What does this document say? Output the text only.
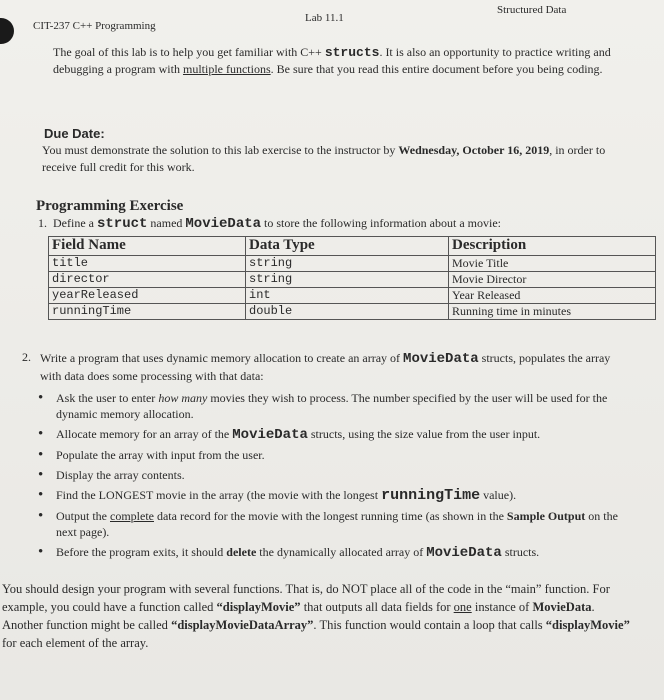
CIT-237 C++ Programming
Lab 11.1
Structured Data
The goal of this lab is to help you get familiar with C++ structs. It is also an opportunity to practice writing and debugging a program with multiple functions. Be sure that you read this entire document before you being coding.
Due Date:
You must demonstrate the solution to this lab exercise to the instructor by Wednesday, October 16, 2019, in order to receive full credit for this work.
Programming Exercise
1. Define a struct named MovieData to store the following information about a movie:
Field Name	Data Type	Description
title	string	Movie Title
director	string	Movie Director
yearReleased	int	Year Released
runningTime	double	Running time in minutes
2. Write a program that uses dynamic memory allocation to create an array of MovieData structs, populates the array with data does some processing with that data:
• Ask the user to enter how many movies they wish to process. The number specified by the user will be used for the dynamic memory allocation.
• Allocate memory for an array of the MovieData structs, using the size value from the user input.
• Populate the array with input from the user.
• Display the array contents.
• Find the LONGEST movie in the array (the movie with the longest runningTime value).
• Output the complete data record for the movie with the longest running time (as shown in the Sample Output on the next page).
• Before the program exits, it should delete the dynamically allocated array of MovieData structs.
You should design your program with several functions. That is, do NOT place all of the code in the “main” function. For example, you could have a function called “displayMovie” that outputs all data fields for one instance of MovieData. Another function might be called “displayMovieDataArray”. This function would contain a loop that calls “displayMovie” for each element of the array.
